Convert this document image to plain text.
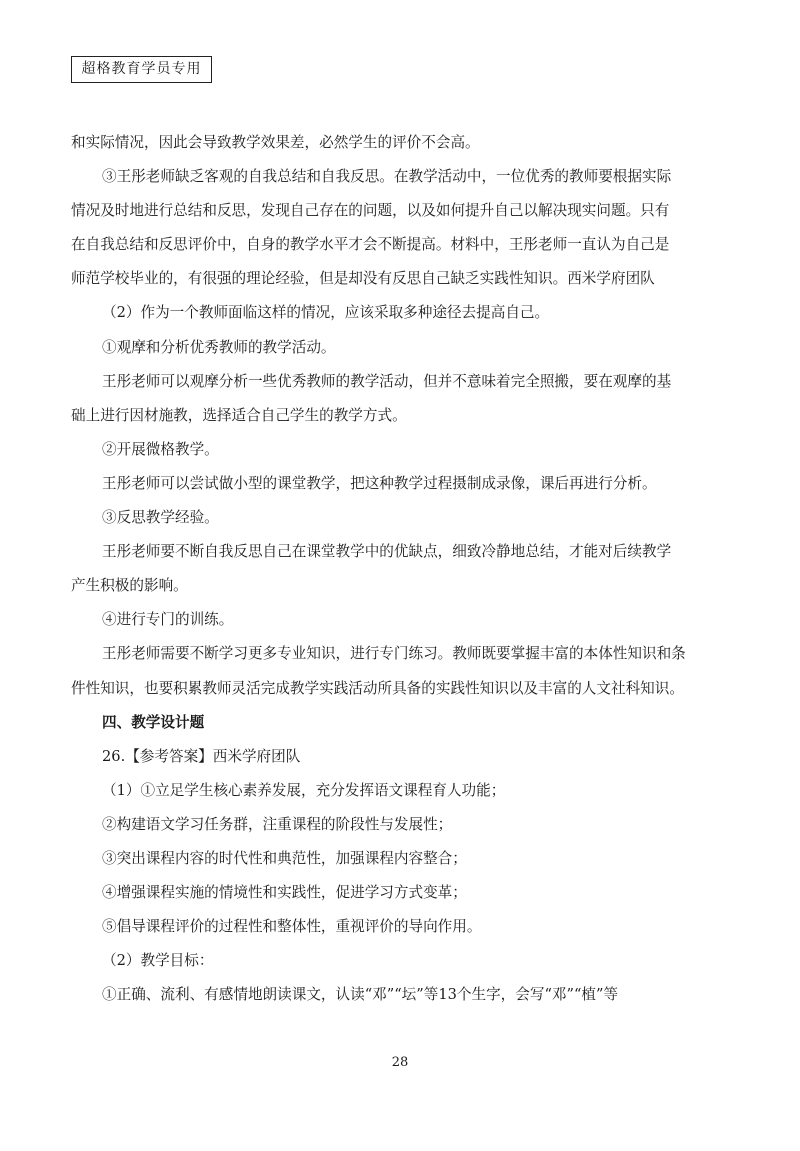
超格教育学员专用

和实际情况，因此会导致教学效果差，必然学生的评价不会高。

③王彤老师缺乏客观的自我总结和自我反思。在教学活动中，一位优秀的教师要根据实际

情况及时地进行总结和反思，发现自己存在的问题，以及如何提升自己以解决现实问题。只有

在自我总结和反思评价中，自身的教学水平才会不断提高。材料中，王彤老师一直认为自己是

师范学校毕业的，有很强的理论经验，但是却没有反思自己缺乏实践性知识。西米学府团队

（2）作为一个教师面临这样的情况，应该采取多种途径去提高自己。

①观摩和分析优秀教师的教学活动。

王彤老师可以观摩分析一些优秀教师的教学活动，但并不意味着完全照搬，要在观摩的基

础上进行因材施教，选择适合自己学生的教学方式。

②开展微格教学。

王彤老师可以尝试做小型的课堂教学，把这种教学过程摄制成录像，课后再进行分析。

③反思教学经验。

王彤老师要不断自我反思自己在课堂教学中的优缺点，细致冷静地总结，才能对后续教学

产生积极的影响。

④进行专门的训练。

王彤老师需要不断学习更多专业知识，进行专门练习。教师既要掌握丰富的本体性知识和条

件性知识，也要积累教师灵活完成教学实践活动所具备的实践性知识以及丰富的人文社科知识。

四、教学设计题

26.【参考答案】西米学府团队

（1）①立足学生核心素养发展，充分发挥语文课程育人功能；

②构建语文学习任务群，注重课程的阶段性与发展性；

③突出课程内容的时代性和典范性，加强课程内容整合；

④增强课程实施的情境性和实践性，促进学习方式变革；

⑤倡导课程评价的过程性和整体性，重视评价的导向作用。

（2）教学目标：

①正确、流利、有感情地朗读课文，认读“邓”“坛”等13个生字，会写“邓”“植”等

28
